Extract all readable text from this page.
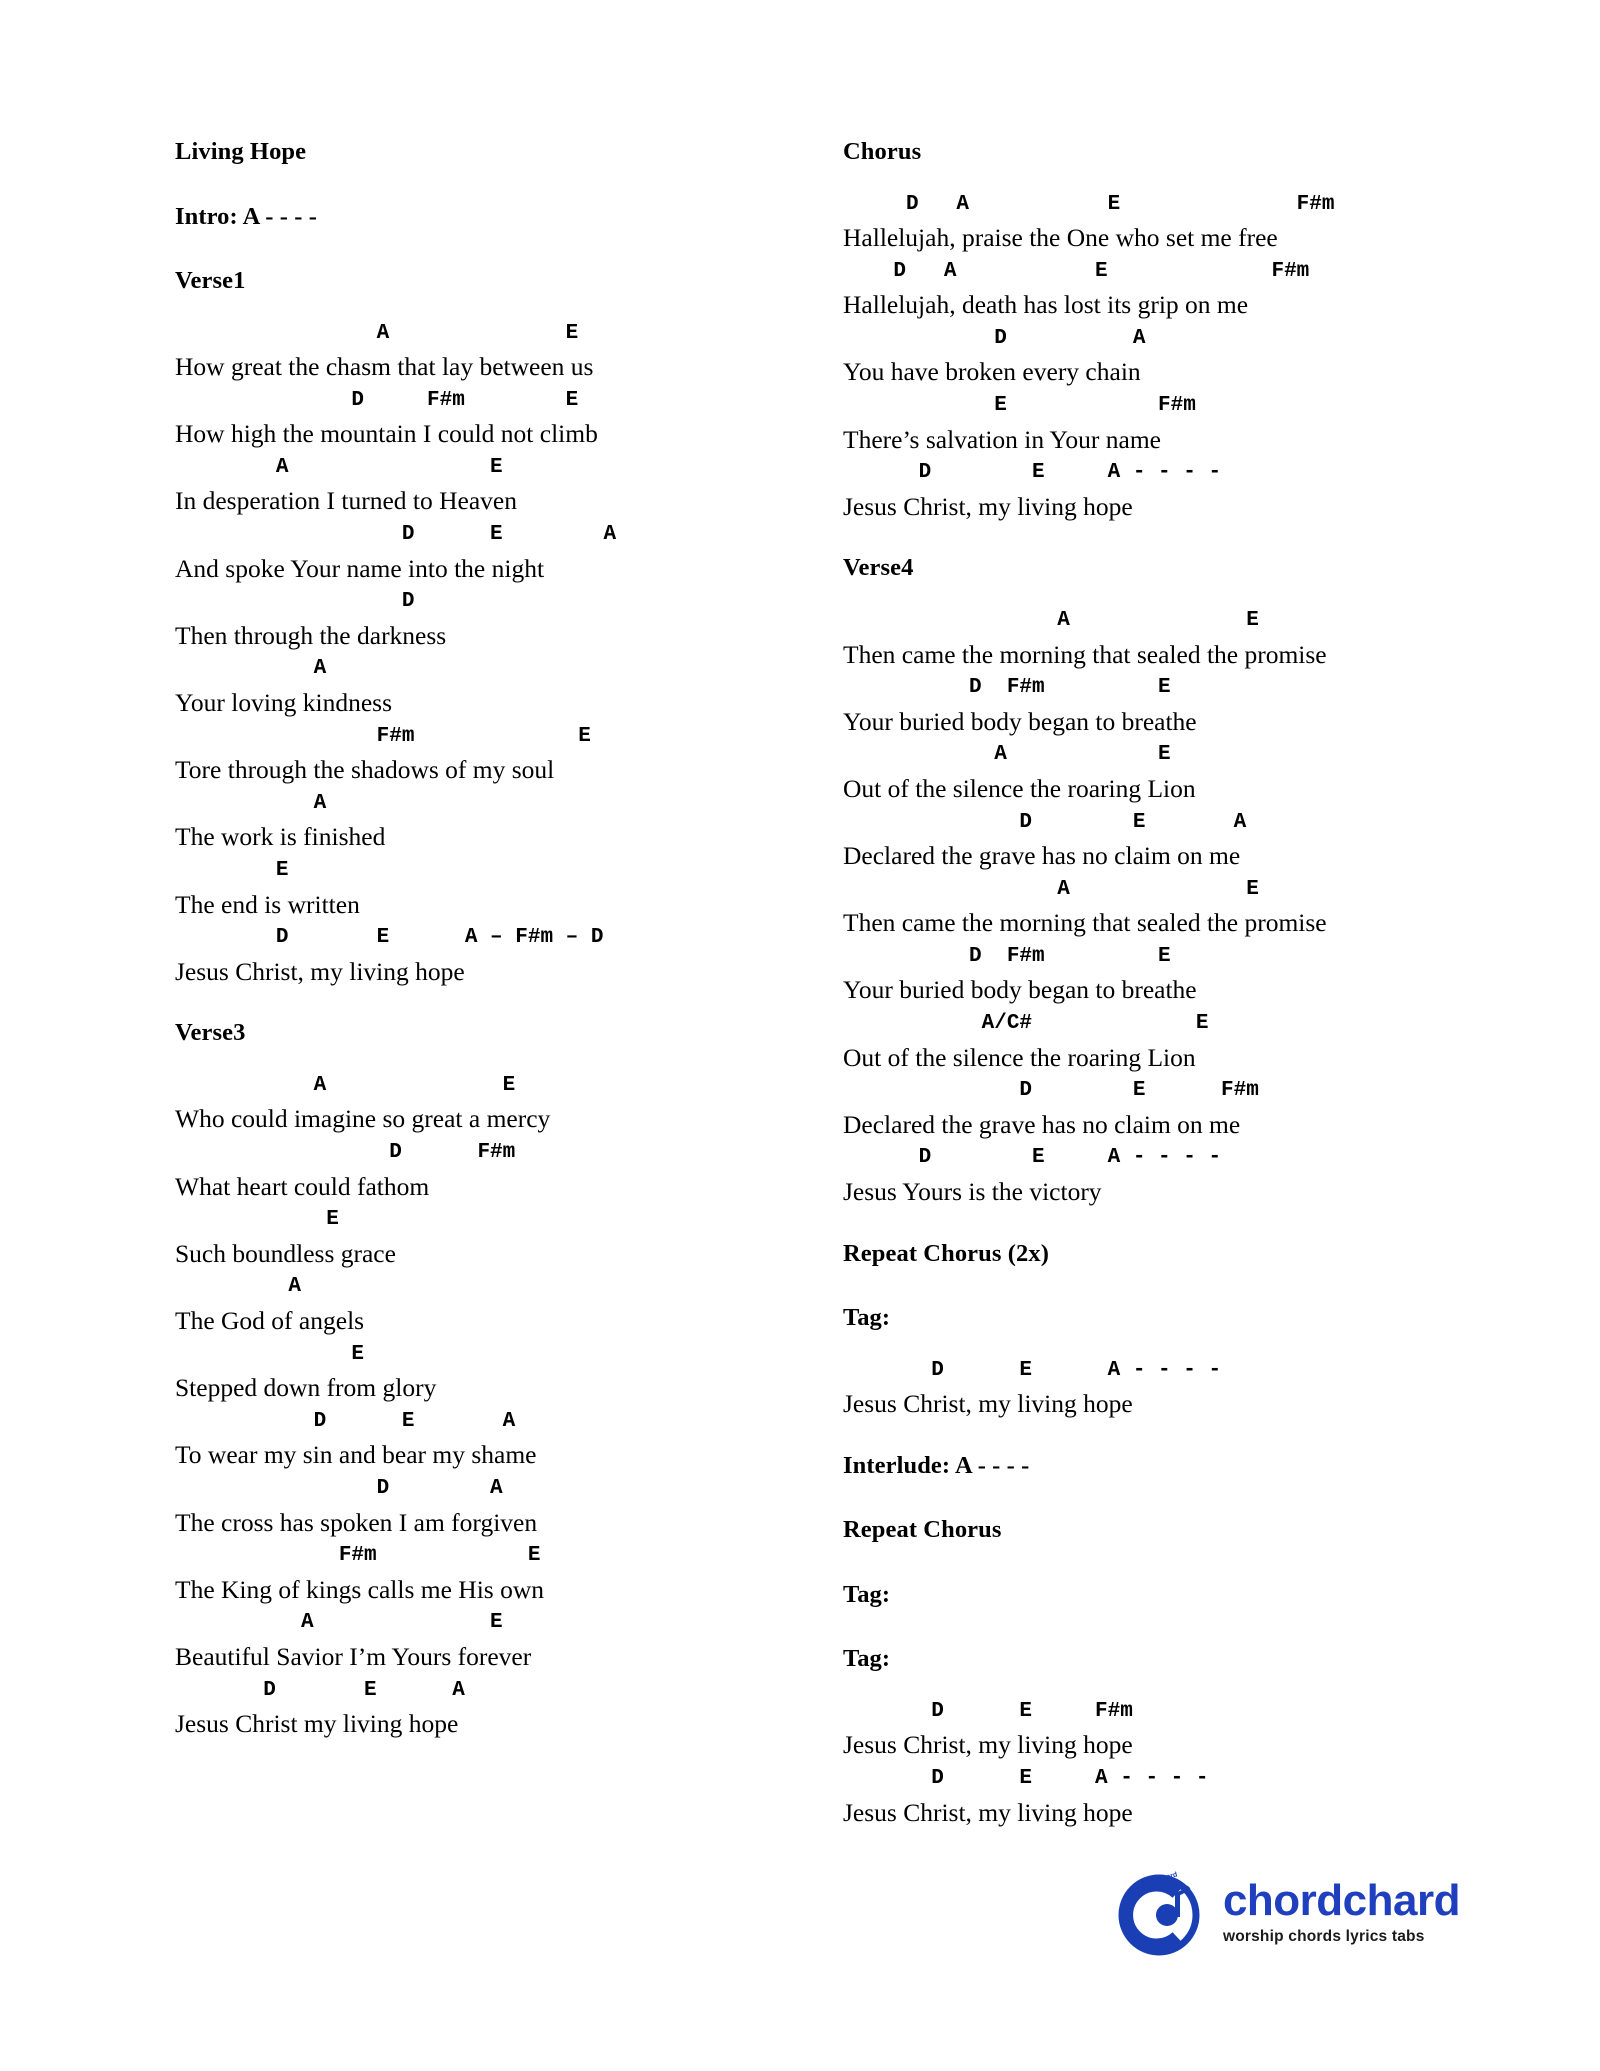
Living Hope
Intro: A - - - -
Verse1
A              E
How great the chasm that lay between us
D     F#m        E
How high the mountain I could not climb
A                E
In desperation I turned to Heaven
D      E        A
And spoke Your name into the night
D
Then through the darkness
A
Your loving kindness
F#m             E
Tore through the shadows of my soul
A
The work is finished
E
The end is written
D       E      A – F#m – D
Jesus Christ, my living hope
Verse3
A              E
Who could imagine so great a mercy
D      F#m
What heart could fathom
E
Such boundless grace
A
The God of angels
E
Stepped down from glory
D      E       A
To wear my sin and bear my shame
D        A
The cross has spoken I am forgiven
F#m            E
The King of kings calls me His own
A              E
Beautiful Savior I’m Yours forever
D       E      A
Jesus Christ my living hope
Chorus
D   A           E              F#m
Hallelujah, praise the One who set me free
D   A           E             F#m
Hallelujah, death has lost its grip on me
D          A
You have broken every chain
E            F#m
There’s salvation in Your name
D        E     A - - - -
Jesus Christ, my living hope
Verse4
A              E
Then came the morning that sealed the promise
D  F#m         E
Your buried body began to breathe
A            E
Out of the silence the roaring Lion
D        E       A
Declared the grave has no claim on me
A              E
Then came the morning that sealed the promise
D  F#m         E
Your buried body began to breathe
A/C#             E
Out of the silence the roaring Lion
D        E      F#m
Declared the grave has no claim on me
D        E     A - - - -
Jesus Yours is the victory
Repeat Chorus (2x)
Tag:
D      E      A - - - -
Jesus Christ, my living hope
Interlude: A - - - -
Repeat Chorus
Tag:
Tag:
D      E     F#m
Jesus Christ, my living hope
D      E     A - - - -
Jesus Christ, my living hope
chordchard chordchard
worship chords lyrics tabs
